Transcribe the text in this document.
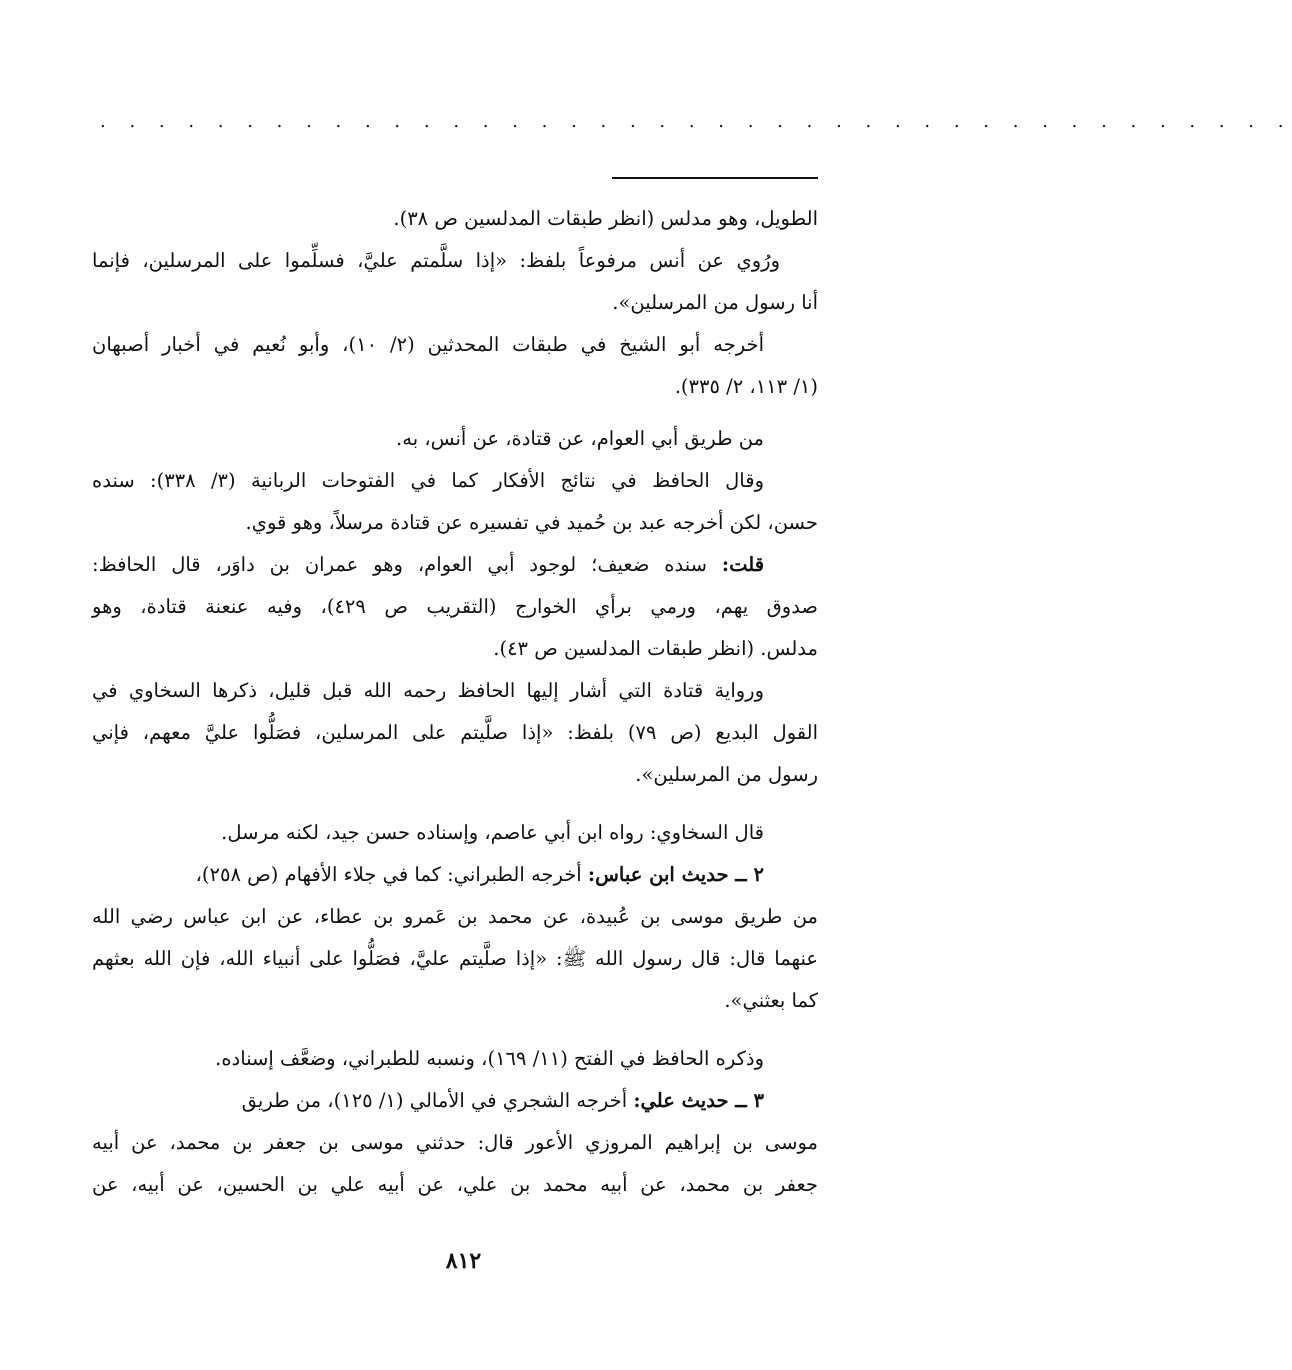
. . . . . . . . . . . . . . . . . . . . . . . . . . . . . . . . . . . . . . . . .
الطويل، وهو مدلس (انظر طبقات المدلسين ص ٣٨).
ورُوي عن أنس مرفوعاً بلفظ: «إذا سلَّمتم عليَّ، فسلِّموا على المرسلين، فإنما
أنا رسول من المرسلين».
أخرجه أبو الشيخ في طبقات المحدثين (٢/ ١٠)، وأبو نُعيم في أخبار أصبهان
(١/ ١١٣، ٢/ ٣٣٥).
من طريق أبي العوام، عن قتادة، عن أنس، به.
وقال الحافظ في نتائج الأفكار كما في الفتوحات الربانية (٣/ ٣٣٨): سنده
حسن، لكن أخرجه عبد بن حُميد في تفسيره عن قتادة مرسلاً، وهو قوي.
قلت: سنده ضعيف؛ لوجود أبي العوام، وهو عمران بن داوَر، قال الحافظ:
صدوق يهم، ورمي برأي الخوارج (التقريب ص ٤٢٩)، وفيه عنعنة قتادة، وهو
مدلس. (انظر طبقات المدلسين ص ٤٣).
ورواية قتادة التي أشار إليها الحافظ رحمه الله قبل قليل، ذكرها السخاوي في
القول البديع (ص ٧٩) بلفظ: «إذا صلَّيتم على المرسلين، فصَلُّوا عليَّ معهم، فإني
رسول من المرسلين».
قال السخاوي: رواه ابن أبي عاصم، وإسناده حسن جيد، لكنه مرسل.
٢ ــ حديث ابن عباس: أخرجه الطبراني: كما في جلاء الأفهام (ص ٢٥٨)،
من طريق موسى بن عُبيدة، عن محمد بن عَمرو بن عطاء، عن ابن عباس رضي الله
عنهما قال: قال رسول الله ﷺ: «إذا صلَّيتم عليَّ، فصَلُّوا على أنبياء الله، فإن الله بعثهم
كما بعثني».
وذكره الحافظ في الفتح (١١/ ١٦٩)، ونسبه للطبراني، وضعَّف إسناده.
٣ ــ حديث علي: أخرجه الشجري في الأمالي (١/ ١٢٥)، من طريق
موسى بن إبراهيم المروزي الأعور قال: حدثني موسى بن جعفر بن محمد، عن أبيه
جعفر بن محمد، عن أبيه محمد بن علي، عن أبيه علي بن الحسين، عن أبيه، عن
٨١٢
